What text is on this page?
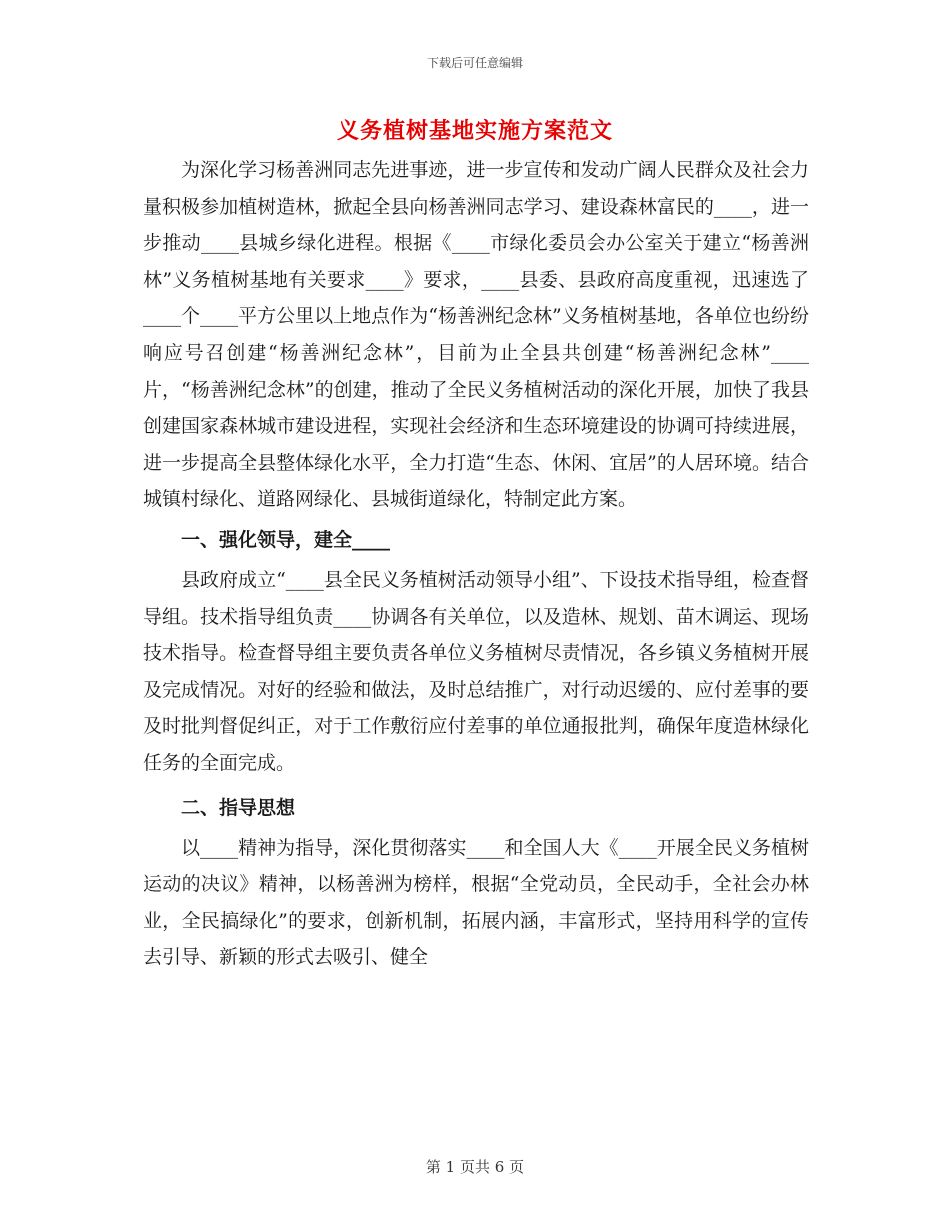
下载后可任意编辑
义务植树基地实施方案范文

为深化学习杨善洲同志先进事迹，进一步宣传和发动广阔人民群众及社会力量积极参加植树造林，掀起全县向杨善洲同志学习、建设森林富民的____，进一步推动____县城乡绿化进程。根据《____市绿化委员会办公室关于建立“杨善洲林”义务植树基地有关要求____》要求，____县委、县政府高度重视，迅速选了____个____平方公里以上地点作为“杨善洲纪念林”义务植树基地，各单位也纷纷响应号召创建“杨善洲纪念林”，目前为止全县共创建“杨善洲纪念林”____片，“杨善洲纪念林”的创建，推动了全民义务植树活动的深化开展，加快了我县创建国家森林城市建设进程，实现社会经济和生态环境建设的协调可持续进展，进一步提高全县整体绿化水平，全力打造“生态、休闲、宜居”的人居环境。结合城镇村绿化、道路网绿化、县城街道绿化，特制定此方案。

一、强化领导，建全____

县政府成立“____县全民义务植树活动领导小组”、下设技术指导组，检查督导组。技术指导组负责____协调各有关单位，以及造林、规划、苗木调运、现场技术指导。检查督导组主要负责各单位义务植树尽责情况，各乡镇义务植树开展及完成情况。对好的经验和做法，及时总结推广，对行动迟缓的、应付差事的要及时批判督促纠正，对于工作敷衍应付差事的单位通报批判，确保年度造林绿化任务的全面完成。

二、指导思想

以____精神为指导，深化贯彻落实____和全国人大《____开展全民义务植树运动的决议》精神，以杨善洲为榜样，根据“全党动员，全民动手，全社会办林业，全民搞绿化”的要求，创新机制，拓展内涵，丰富形式，坚持用科学的宣传去引导、新颖的形式去吸引、健全

第 1 页共 6 页
